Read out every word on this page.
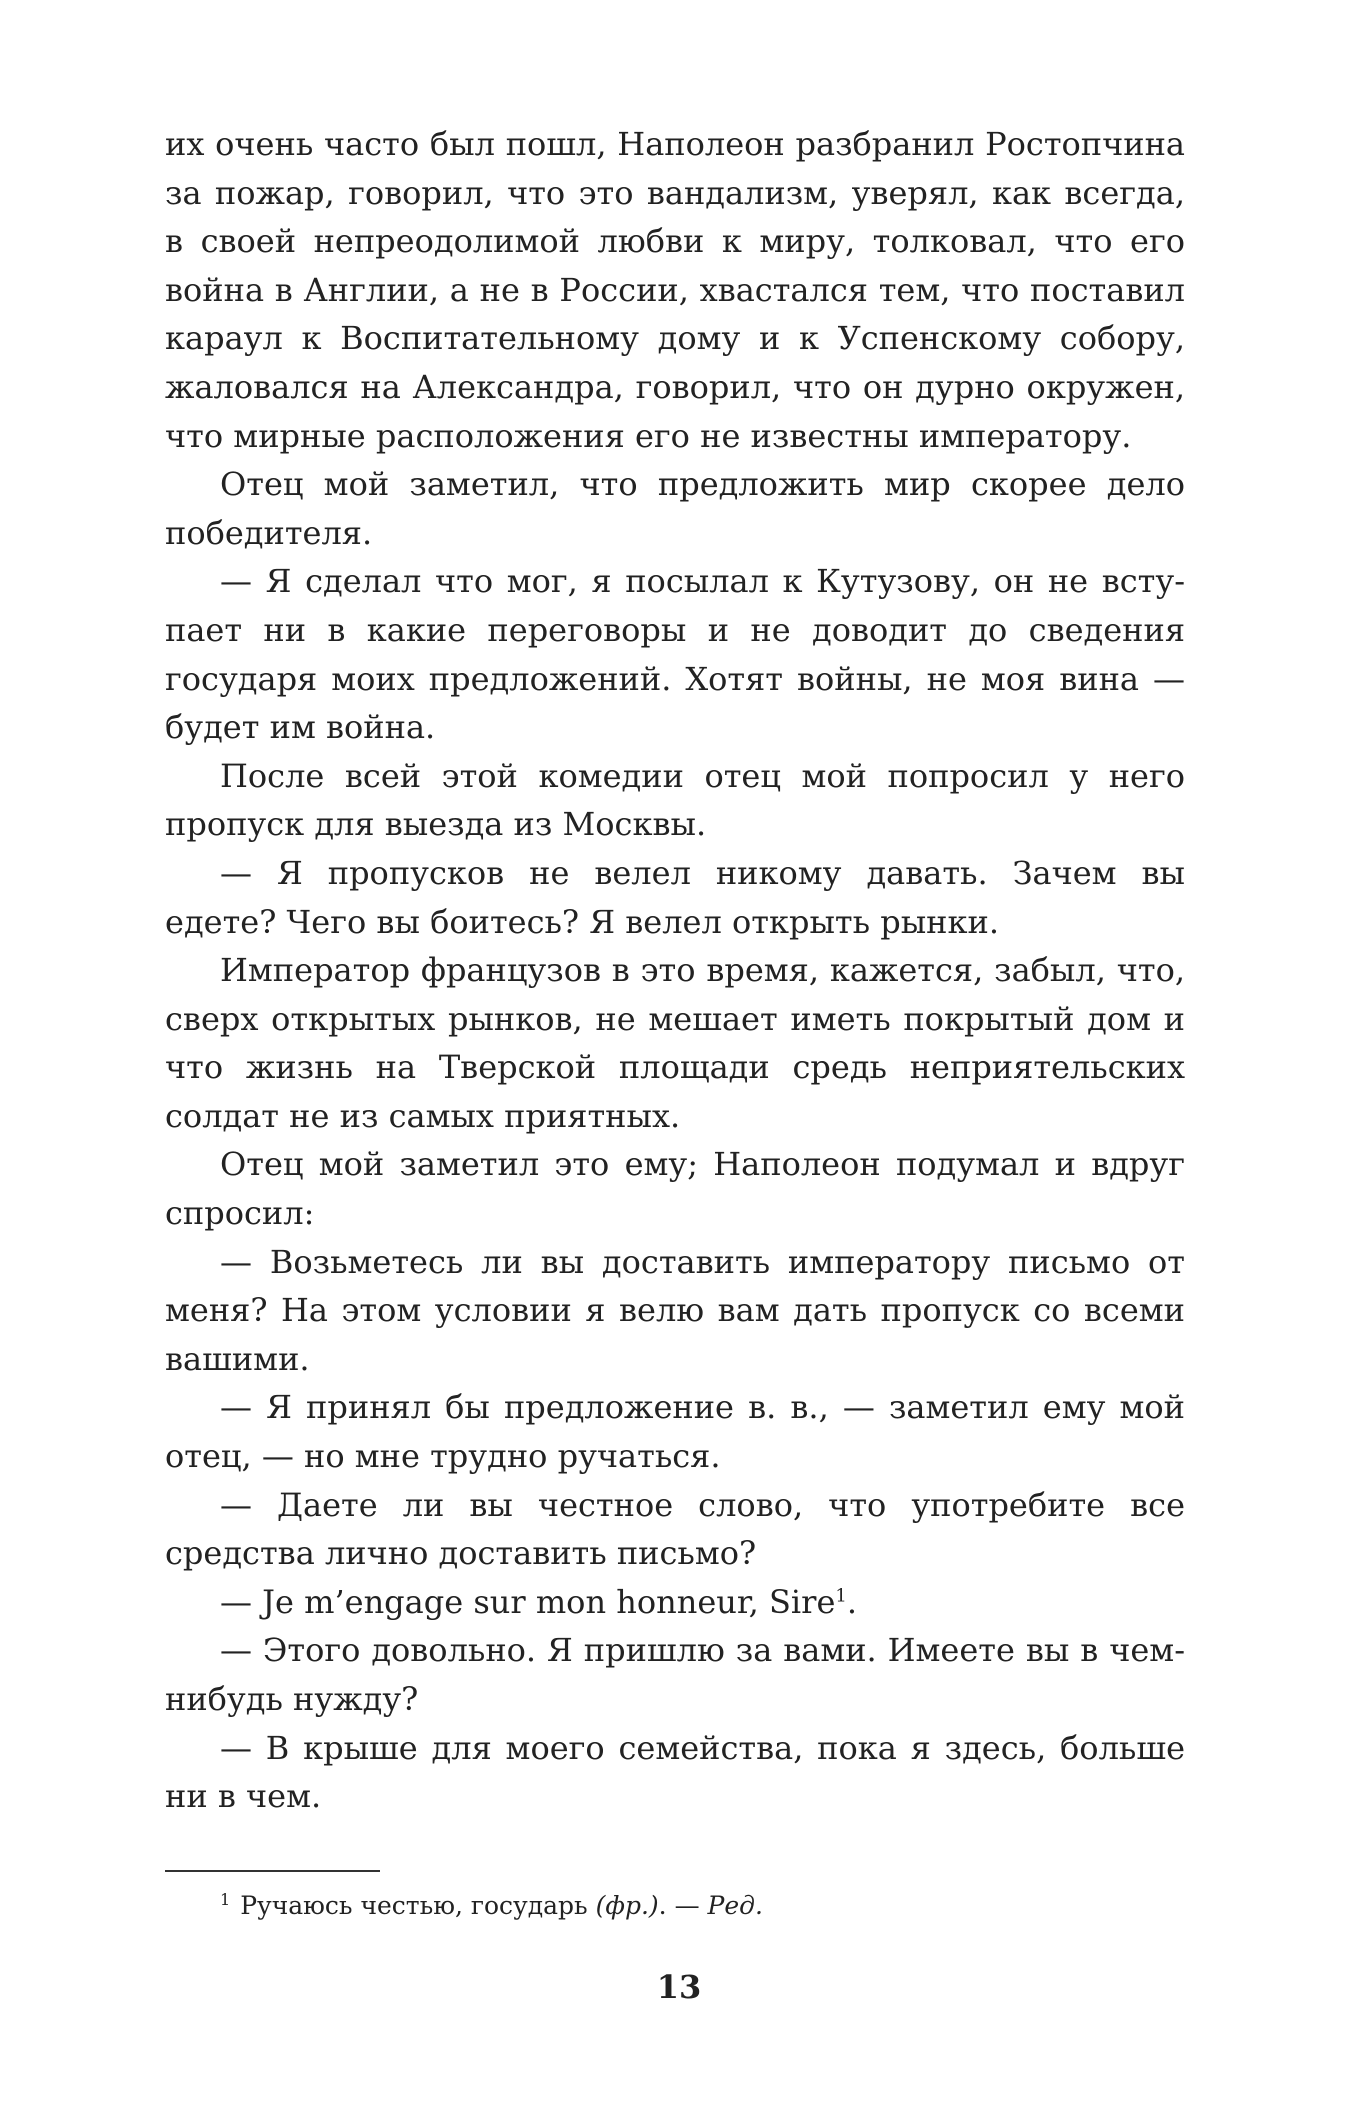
их очень часто был пошл, Наполеон разбранил Ростопчина за пожар, говорил, что это вандализм, уверял, как всегда, в своей непреодолимой любви к миру, толковал, что его война в Англии, а не в России, хвастался тем, что поставил караул к Воспитательному дому и к Успенскому собору, жаловался на Александра, говорил, что он дурно окружен, что мирные расположения его не известны императору.

Отец мой заметил, что предложить мир скорее дело победителя.

— Я сделал что мог, я посылал к Кутузову, он не вступает ни в какие переговоры и не доводит до сведения государя моих предложений. Хотят войны, не моя вина — будет им война.

После всей этой комедии отец мой попросил у него пропуск для выезда из Москвы.

— Я пропусков не велел никому давать. Зачем вы едете? Чего вы боитесь? Я велел открыть рынки.

Император французов в это время, кажется, забыл, что, сверх открытых рынков, не мешает иметь покрытый дом и что жизнь на Тверской площади средь неприятельских солдат не из самых приятных.

Отец мой заметил это ему; Наполеон подумал и вдруг спросил:

— Возьметесь ли вы доставить императору письмо от меня? На этом условии я велю вам дать пропуск со всеми вашими.

— Я принял бы предложение в. в., — заметил ему мой отец, — но мне трудно ручаться.

— Даете ли вы честное слово, что употребите все средства лично доставить письмо?

— Je m’engage sur mon honneur, Sire$^1$.

— Этого довольно. Я пришлю за вами. Имеете вы в чем-нибудь нужду?

— В крыше для моего семейства, пока я здесь, больше ни в чем.

$^1$ Ручаюсь честью, государь (фр.). — Ред.
13
